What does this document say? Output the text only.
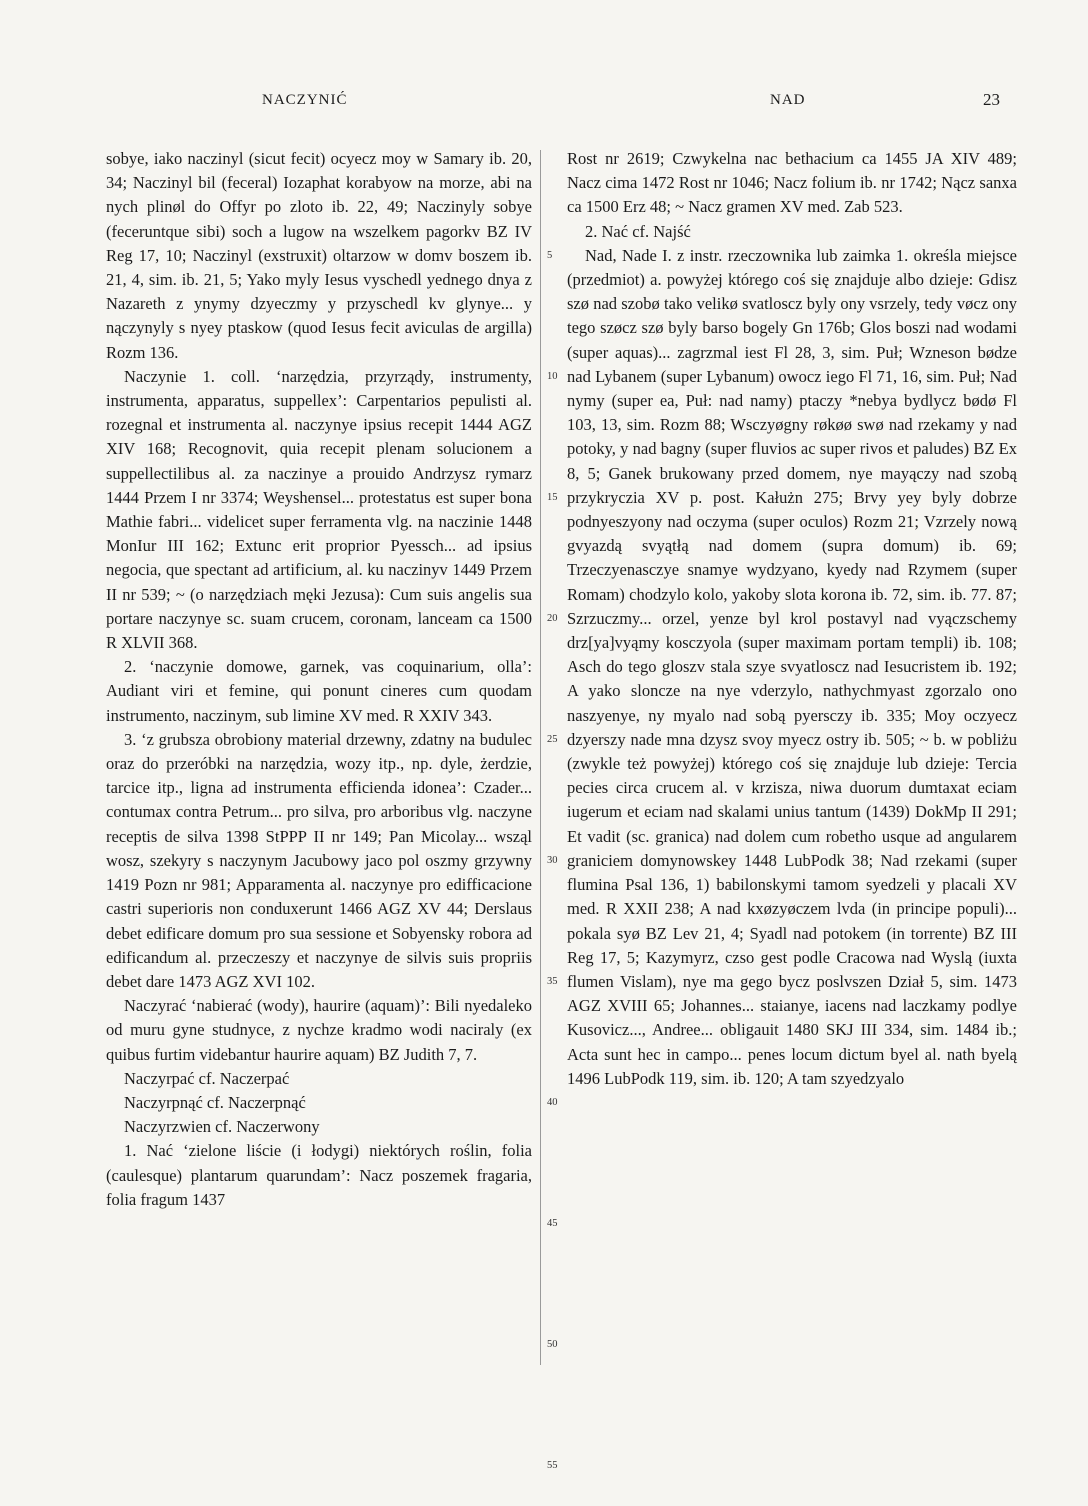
NACZYNIĆ	NAD	23

sobye, iako naczinyl (sicut fecit) ocyecz moy w Samary ib. 20, 34; Naczinyl bil (feceral) Iozaphat korabyow na morze, abi na nych plinøl do Offyr po zloto ib. 22, 49; Naczinyly sobye (feceruntque sibi) soch a lugow na wszelkem pagorkv BZ IV Reg 17, 10; Naczinyl (exstruxit) oltarzow w domv boszem ib. 21, 4, sim. ib. 21, 5; Yako myly Iesus vyschedl yednego dnya z Nazareth z ynymy dzyeczmy y przyschedl kv glynye... y nączynyly s nyey ptaskow (quod Iesus fecit aviculas de argilla) Rozm 136.

Naczynie 1. coll. ʻnarzędzia, przyrządy, instrumenty, instrumenta, apparatus, suppellex’: Carpentarios pepulisti al. rozegnal et instrumenta al. naczynye ipsius recepit 1444 AGZ XIV 168; Recognovit, quia recepit plenam solucionem a suppellectilibus al. za naczinye a prouido Andrzysz rymarz 1444 Przem I nr 3374; Weyshensel... protestatus est super bona Mathie fabri... videlicet super ferramenta vlg. na naczinie 1448 MonIur III 162; Extunc erit proprior Pyessch... ad ipsius negocia, que spectant ad artificium, al. ku naczinyv 1449 Przem II nr 539; ~ (o narzędziach męki Jezusa): Cum suis angelis sua portare naczynye sc. suam crucem, coronam, lanceam ca 1500 R XLVII 368.

2. ʻnaczynie domowe, garnek, vas coquinarium, olla’: Audiant viri et femine, qui ponunt cineres cum quodam instrumento, naczinym, sub limine XV med. R XXIV 343.

3. ʻz grubsza obrobiony material drzewny, zdatny na budulec oraz do przeróbki na narzędzia, wozy itp., np. dyle, żerdzie, tarcice itp., ligna ad instrumenta efficienda idonea’: Czader... contumax contra Petrum... pro silva, pro arboribus vlg. naczyne receptis de silva 1398 StPPP II nr 149; Pan Micolay... wsząl wosz, szekyry s naczynym Jacubowy jaco pol oszmy grzywny 1419 Pozn nr 981; Apparamenta al. naczynye pro edifficacione castri superioris non conduxerunt 1466 AGZ XV 44; Derslaus debet edificare domum pro sua sessione et Sobyensky robora ad edificandum al. przeczeszy et naczynye de silvis suis propriis debet dare 1473 AGZ XVI 102.

Naczyrać ʻnabierać (wody), haurire (aquam)’: Bili nyedaleko od muru gyne studnyce, z nychze kradmo wodi naciraly (ex quibus furtim videbantur haurire aquam) BZ Judith 7, 7.

Naczyrpać cf. Naczerpać

Naczyrpnąć cf. Naczerpnąć

Naczyrzwien cf. Naczerwony

1. Nać ʻzielone liście (i łodygi) niektórych roślin, folia (caulesque) plantarum quarundam’: Nacz poszemek fragaria, folia fragum 1437

5
10
15
20
25
30
35
40
45
50
55

Rost nr 2619; Czwykelna nac bethacium ca 1455 JA XIV 489; Nacz cima 1472 Rost nr 1046; Nacz folium ib. nr 1742; Nącz sanxa ca 1500 Erz 48; ~ Nacz gramen XV med. Zab 523.

2. Nać cf. Najść

Nad, Nade I. z instr. rzeczownika lub zaimka 1. określa miejsce (przedmiot) a. powyżej którego coś się znajduje albo dzieje: Gdisz szø nad szobø tako velikø svatloscz byly ony vsrzely, tedy vøcz ony tego szøcz szø byly barso bogely Gn 176b; Glos boszi nad wodami (super aquas)... zagrzmal iest Fl 28, 3, sim. Puł; Wzneson bødze nad Lybanem (super Lybanum) owocz iego Fl 71, 16, sim. Puł; Nad nymy (super ea, Puł: nad namy) ptaczy *nebya bydlycz bødø Fl 103, 13, sim. Rozm 88; Wsczyøgny røkøø swø nad rzekamy y nad potoky, y nad bagny (super fluvios ac super rivos et paludes) BZ Ex 8, 5; Ganek brukowany przed domem, nye mayączy nad szobą przykryczia XV p. post. Kałużn 275; Brvy yey byly dobrze podnyeszyony nad oczyma (super oculos) Rozm 21; Vzrzely nową gvyazdą svyątłą nad domem (supra domum) ib. 69; Trzeczyenasczye snamye wydzyano, kyedy nad Rzymem (super Romam) chodzylo kolo, yakoby slota korona ib. 72, sim. ib. 77. 87; Szrzuczmy... orzel, yenze byl krol postavyl nad vyączschemy drz[ya]vyąmy kosczyola (super maximam portam templi) ib. 108; Asch do tego gloszv stala szye svyatloscz nad Iesucristem ib. 192; A yako sloncze na nye vderzylo, nathychmyast zgorzalo ono naszyenye, ny myalo nad sobą pyersczy ib. 335; Moy oczyecz dzyerszy nade mna dzysz svoy myecz ostry ib. 505; ~ b. w pobliżu (zwykle też powyżej) którego coś się znajduje lub dzieje: Tercia pecies circa crucem al. v krzisza, niwa duorum dumtaxat eciam iugerum et eciam nad skalami unius tantum (1439) DokMp II 291; Et vadit (sc. granica) nad dolem cum robetho usque ad angularem graniciem domynowskey 1448 LubPodk 38; Nad rzekami (super flumina Psal 136, 1) babilonskymi tamom syedzeli y placali XV med. R XXII 238; A nad kxøzyøczem lvda (in principe populi)... pokala syø BZ Lev 21, 4; Syadl nad potokem (in torrente) BZ III Reg 17, 5; Kazymyrz, czso gest podle Cracowa nad Wyslą (iuxta flumen Vislam), nye ma gego bycz poslvszen Dział 5, sim. 1473 AGZ XVIII 65; Johannes... staianye, iacens nad laczkamy podlye Kusovicz..., Andree... obligauit 1480 SKJ III 334, sim. 1484 ib.; Acta sunt hec in campo... penes locum dictum byel al. nath byelą 1496 LubPodk 119, sim. ib. 120; A tam szyedzyalo
